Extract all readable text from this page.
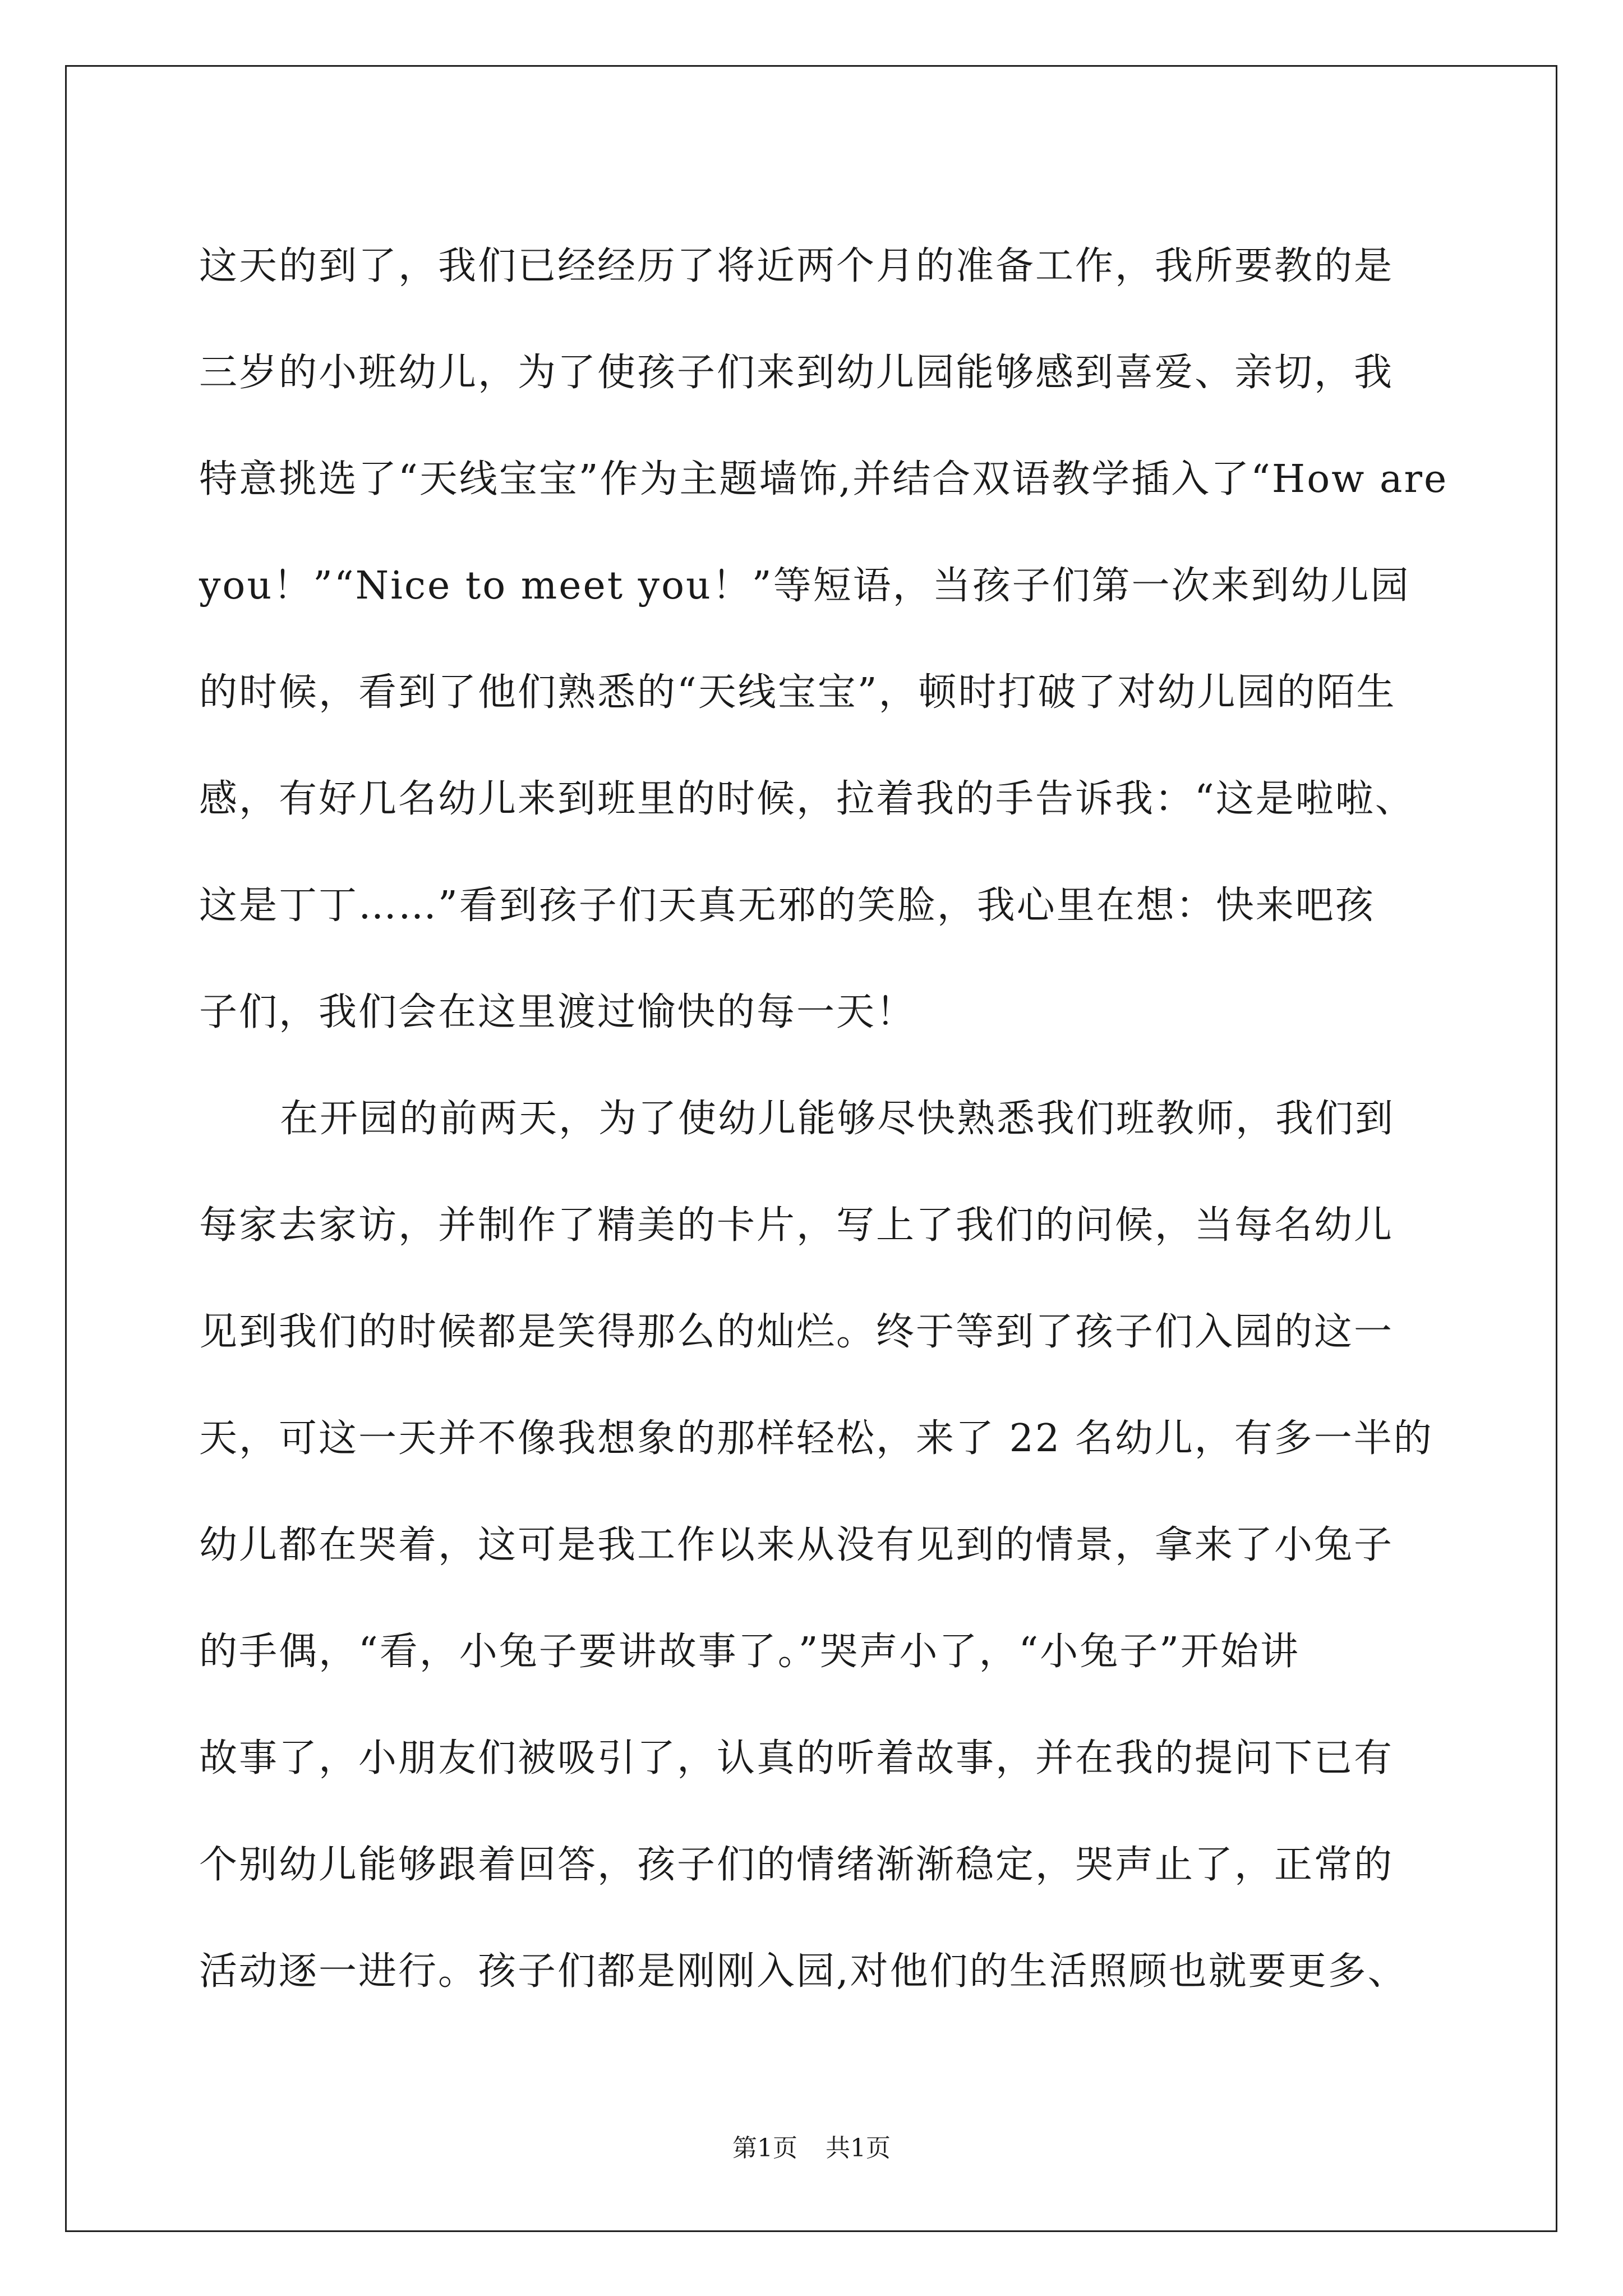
这天的到了，我们已经经历了将近两个月的准备工作，我所要教的是
三岁的小班幼儿，为了使孩子们来到幼儿园能够感到喜爱、亲切，我
特意挑选了“天线宝宝”作为主题墙饰,并结合双语教学插入了“How are
you！”“Nice to meet you！”等短语，当孩子们第一次来到幼儿园
的时候，看到了他们熟悉的“天线宝宝”，顿时打破了对幼儿园的陌生
感，有好几名幼儿来到班里的时候，拉着我的手告诉我：“这是啦啦、
这是丁丁……”看到孩子们天真无邪的笑脸，我心里在想：快来吧孩
子们，我们会在这里渡过愉快的每一天！
在开园的前两天，为了使幼儿能够尽快熟悉我们班教师，我们到
每家去家访，并制作了精美的卡片，写上了我们的问候，当每名幼儿
见到我们的时候都是笑得那么的灿烂。终于等到了孩子们入园的这一
天，可这一天并不像我想象的那样轻松，来了 22 名幼儿，有多一半的
幼儿都在哭着，这可是我工作以来从没有见到的情景，拿来了小兔子
的手偶，“看，小兔子要讲故事了。”哭声小了，“小兔子”开始讲
故事了，小朋友们被吸引了，认真的听着故事，并在我的提问下已有
个别幼儿能够跟着回答，孩子们的情绪渐渐稳定，哭声止了，正常的
活动逐一进行。孩子们都是刚刚入园,对他们的生活照顾也就要更多、
第1页 共1页
